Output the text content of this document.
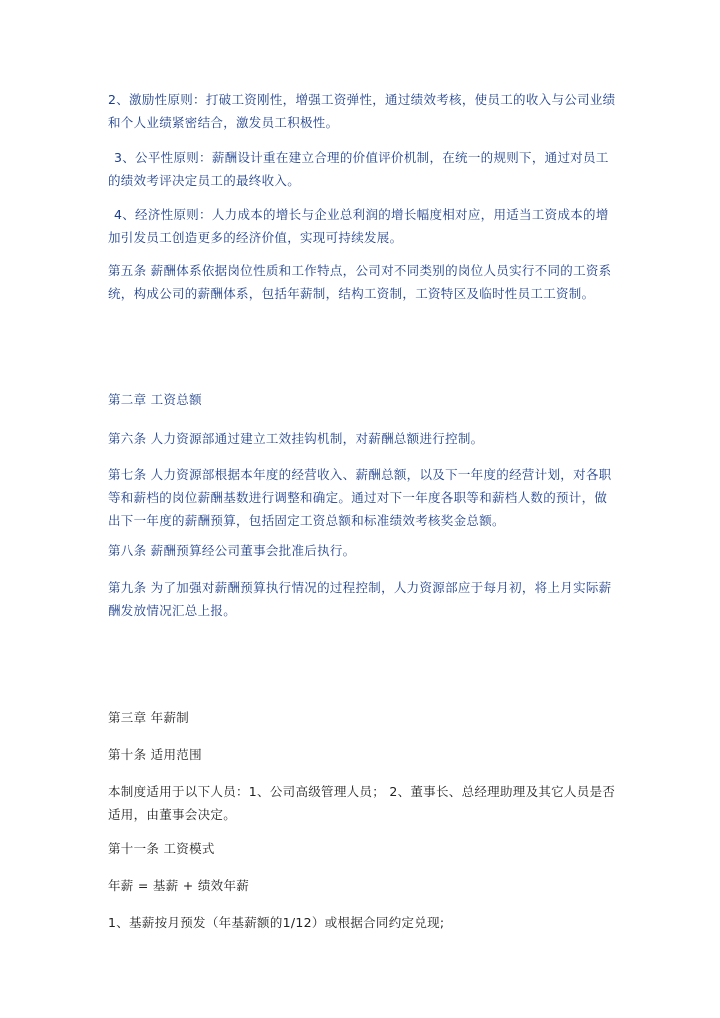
2、激励性原则：打破工资刚性，增强工资弹性，通过绩效考核，使员工的收入与公司业绩和个人业绩紧密结合，激发员工积极性。

3、公平性原则：薪酬设计重在建立合理的价值评价机制，在统一的规则下，通过对员工的绩效考评决定员工的最终收入。

4、经济性原则：人力成本的增长与企业总利润的增长幅度相对应，用适当工资成本的增加引发员工创造更多的经济价值，实现可持续发展。

第五条 薪酬体系依据岗位性质和工作特点，公司对不同类别的岗位人员实行不同的工资系统，构成公司的薪酬体系，包括年薪制，结构工资制，工资特区及临时性员工工资制。

第二章 工资总额

第六条 人力资源部通过建立工效挂钩机制，对薪酬总额进行控制。

第七条 人力资源部根据本年度的经营收入、薪酬总额，以及下一年度的经营计划，对各职等和薪档的岗位薪酬基数进行调整和确定。通过对下一年度各职等和薪档人数的预计，做出下一年度的薪酬预算，包括固定工资总额和标准绩效考核奖金总额。

第八条 薪酬预算经公司董事会批准后执行。

第九条 为了加强对薪酬预算执行情况的过程控制，人力资源部应于每月初，将上月实际薪酬发放情况汇总上报。

第三章 年薪制

第十条 适用范围

本制度适用于以下人员：1、公司高级管理人员； 2、董事长、总经理助理及其它人员是否适用，由董事会决定。

第十一条 工资模式

年薪 = 基薪 + 绩效年薪

1、基薪按月预发（年基薪额的1/12）或根据合同约定兑现;
